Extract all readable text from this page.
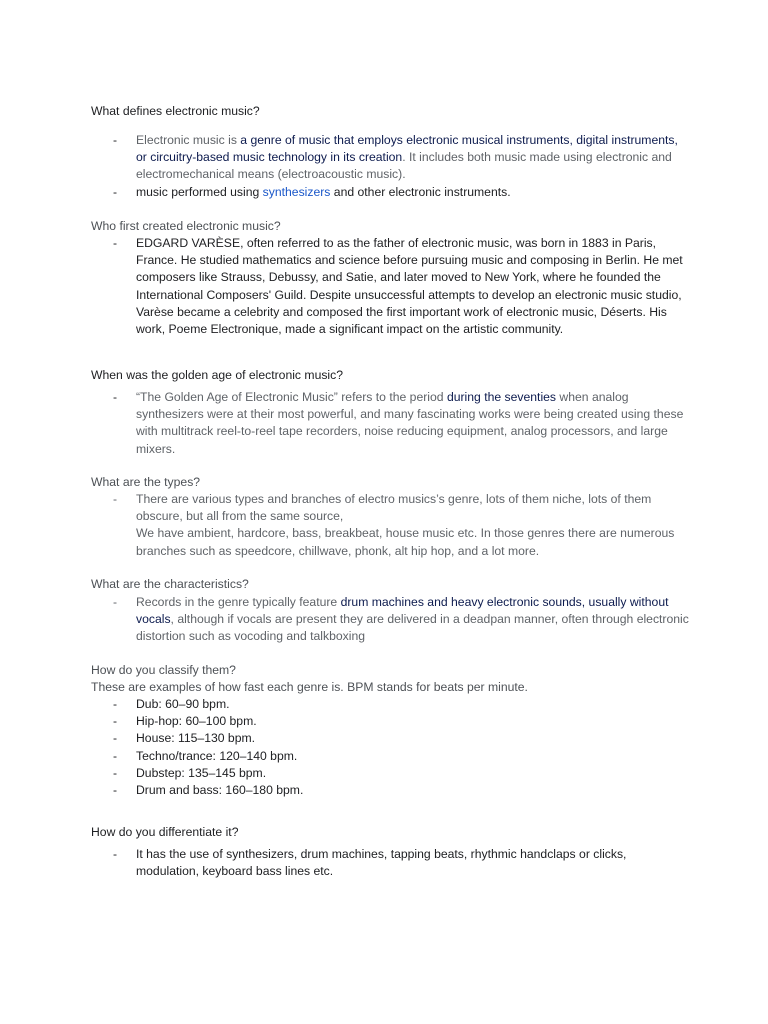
What defines electronic music?

- Electronic music is a genre of music that employs electronic musical instruments, digital instruments, or circuitry-based music technology in its creation. It includes both music made using electronic and electromechanical means (electroacoustic music).
- music performed using synthesizers and other electronic instruments.

Who first created electronic music?

- EDGARD VARÈSE, often referred to as the father of electronic music, was born in 1883 in Paris, France. He studied mathematics and science before pursuing music and composing in Berlin. He met composers like Strauss, Debussy, and Satie, and later moved to New York, where he founded the International Composers' Guild. Despite unsuccessful attempts to develop an electronic music studio, Varèse became a celebrity and composed the first important work of electronic music, Déserts. His work, Poeme Electronique, made a significant impact on the artistic community.

When was the golden age of electronic music?

- “The Golden Age of Electronic Music” refers to the period during the seventies when analog synthesizers were at their most powerful, and many fascinating works were being created using these with multitrack reel-to-reel tape recorders, noise reducing equipment, analog processors, and large mixers.

What are the types?

- There are various types and branches of electro musics’s genre, lots of them niche, lots of them obscure, but all from the same source,
We have ambient, hardcore, bass, breakbeat, house music etc. In those genres there are numerous branches such as speedcore, chillwave, phonk, alt hip hop, and a lot more.

What are the characteristics?

- Records in the genre typically feature drum machines and heavy electronic sounds, usually without vocals, although if vocals are present they are delivered in a deadpan manner, often through electronic distortion such as vocoding and talkboxing

How do you classify them?

These are examples of how fast each genre is. BPM stands for beats per minute.

- Dub: 60–90 bpm.
- Hip-hop: 60–100 bpm.
- House: 115–130 bpm.
- Techno/trance: 120–140 bpm.
- Dubstep: 135–145 bpm.
- Drum and bass: 160–180 bpm.

How do you differentiate it?

- It has the use of synthesizers, drum machines, tapping beats, rhythmic handclaps or clicks, modulation, keyboard bass lines etc.
